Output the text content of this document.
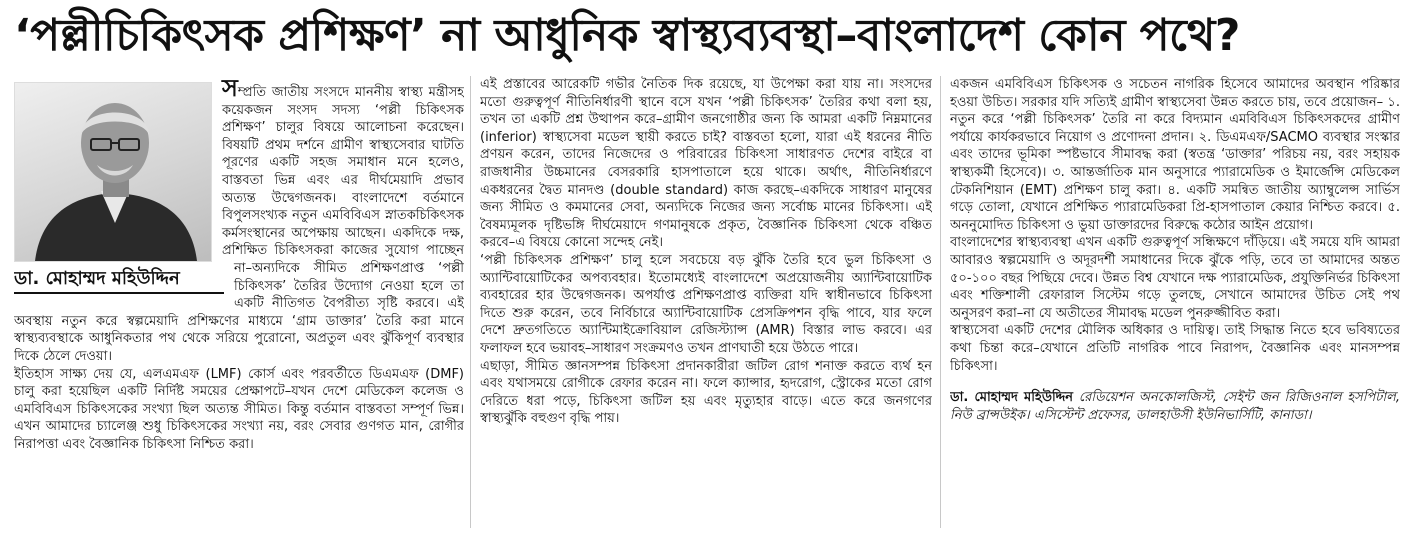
‘পল্লীচিকিৎসক প্রশিক্ষণ’ না আধুনিক স্বাস্থ্যব্যবস্থা–বাংলাদেশ কোন পথে?
ডা. মোহাম্মদ মহিউদ্দিন

সম্প্রতি জাতীয় সংসদে মাননীয় স্বাস্থ্য মন্ত্রীসহ কয়েকজন সংসদ সদস্য ‘পল্লী চিকিৎসক প্রশিক্ষণ’ চালুর বিষয়ে আলোচনা করেছেন। বিষয়টি প্রথম দর্শনে গ্রামীণ স্বাস্থ্যসেবার ঘাটতি পূরণের একটি সহজ সমাধান মনে হলেও, বাস্তবতা ভিন্ন এবং এর দীর্ঘমেয়াদি প্রভাব অত্যন্ত উদ্বেগজনক। বাংলাদেশে বর্তমানে বিপুলসংখ্যক নতুন এমবিবিএস স্নাতকচিকিৎসক কর্মসংস্থানের অপেক্ষায় আছেন। একদিকে দক্ষ, প্রশিক্ষিত চিকিৎসকরা কাজের সুযোগ পাচ্ছেন না–অন্যদিকে সীমিত প্রশিক্ষণপ্রাপ্ত ‘পল্লী চিকিৎসক’ তৈরির উদ্যোগ নেওয়া হলে তা একটি নীতিগত বৈপরীত্য সৃষ্টি করবে। এই অবস্থায় নতুন করে স্বল্পমেয়াদি প্রশিক্ষণের মাধ্যমে ‘গ্রাম ডাক্তার’ তৈরি করা মানে স্বাস্থ্যব্যবস্থাকে আধুনিকতার পথ থেকে সরিয়ে পুরোনো, অপ্রতুল এবং ঝুঁকিপূর্ণ ব্যবস্থার দিকে ঠেলে দেওয়া।

ইতিহাস সাক্ষ্য দেয় যে, এলএমএফ (LMF) কোর্স এবং পরবর্তীতে ডিএমএফ (DMF) চালু করা হয়েছিল একটি নির্দিষ্ট সময়ের প্রেক্ষাপটে–যখন দেশে মেডিকেল কলেজ ও এমবিবিএস চিকিৎসকের সংখ্যা ছিল অত্যন্ত সীমিত। কিন্তু বর্তমান বাস্তবতা সম্পূর্ণ ভিন্ন। এখন আমাদের চ্যালেঞ্জ শুধু চিকিৎসকের সংখ্যা নয়, বরং সেবার গুণগত মান, রোগীর নিরাপত্তা এবং বৈজ্ঞানিক চিকিৎসা নিশ্চিত করা।

এই প্রস্তাবের আরেকটি গভীর নৈতিক দিক রয়েছে, যা উপেক্ষা করা যায় না। সংসদের মতো গুরুত্বপূর্ণ নীতিনির্ধারণী স্থানে বসে যখন ‘পল্লী চিকিৎসক’ তৈরির কথা বলা হয়, তখন তা একটি প্রশ্ন উত্থাপন করে–গ্রামীণ জনগোষ্ঠীর জন্য কি আমরা একটি নিম্নমানের (inferior) স্বাস্থ্যসেবা মডেল স্থায়ী করতে চাই? বাস্তবতা হলো, যারা এই ধরনের নীতি প্রণয়ন করেন, তাদের নিজেদের ও পরিবারের চিকিৎসা সাধারণত দেশের বাইরে বা রাজধানীর উচ্চমানের বেসরকারি হাসপাতালে হয়ে থাকে। অর্থাৎ, নীতিনির্ধারণে একধরনের দ্বৈত মানদণ্ড (double standard) কাজ করছে–একদিকে সাধারণ মানুষের জন্য সীমিত ও কমমানের সেবা, অন্যদিকে নিজের জন্য সর্বোচ্চ মানের চিকিৎসা। এই বৈষম্যমূলক দৃষ্টিভঙ্গি দীর্ঘমেয়াদে গণমানুষকে প্রকৃত, বৈজ্ঞানিক চিকিৎসা থেকে বঞ্চিত করবে–এ বিষয়ে কোনো সন্দেহ নেই।

‘পল্লী চিকিৎসক প্রশিক্ষণ’ চালু হলে সবচেয়ে বড় ঝুঁকি তৈরি হবে ভুল চিকিৎসা ও অ্যান্টিবায়োটিকের অপব্যবহার। ইতোমধ্যেই বাংলাদেশে অপ্রয়োজনীয় অ্যান্টিবায়োটিক ব্যবহারের হার উদ্বেগজনক। অপর্যাপ্ত প্রশিক্ষণপ্রাপ্ত ব্যক্তিরা যদি স্বাধীনভাবে চিকিৎসা দিতে শুরু করেন, তবে নির্বিচারে অ্যান্টিবায়োটিক প্রেসক্রিপশন বৃদ্ধি পাবে, যার ফলে দেশে দ্রুতগতিতে অ্যান্টিমাইক্রোবিয়াল রেজিস্ট্যান্স (AMR) বিস্তার লাভ করবে। এর ফলাফল হবে ভয়াবহ–সাধারণ সংক্রমণও তখন প্রাণঘাতী হয়ে উঠতে পারে।

এছাড়া, সীমিত জ্ঞানসম্পন্ন চিকিৎসা প্রদানকারীরা জটিল রোগ শনাক্ত করতে ব্যর্থ হন এবং যথাসময়ে রোগীকে রেফার করেন না। ফলে ক্যান্সার, হৃদরোগ, স্ট্রোকের মতো রোগ দেরিতে ধরা পড়ে, চিকিৎসা জটিল হয় এবং মৃত্যুহার বাড়ে। এতে করে জনগণের স্বাস্থ্যঝুঁকি বহুগুণ বৃদ্ধি পায়।

একজন এমবিবিএস চিকিৎসক ও সচেতন নাগরিক হিসেবে আমাদের অবস্থান পরিষ্কার হওয়া উচিত। সরকার যদি সত্যিই গ্রামীণ স্বাস্থ্যসেবা উন্নত করতে চায়, তবে প্রয়োজন– ১. নতুন করে ‘পল্লী চিকিৎসক’ তৈরি না করে বিদ্যমান এমবিবিএস চিকিৎসকদের গ্রামীণ পর্যায়ে কার্যকরভাবে নিয়োগ ও প্রণোদনা প্রদান। ২. ডিএমএফ/SACMO ব্যবস্থার সংস্কার এবং তাদের ভূমিকা স্পষ্টভাবে সীমাবদ্ধ করা (স্বতন্ত্র ‘ডাক্তার’ পরিচয় নয়, বরং সহায়ক স্বাস্থ্যকর্মী হিসেবে)। ৩. আন্তর্জাতিক মান অনুসারে প্যারামেডিক ও ইমার্জেন্সি মেডিকেল টেকনিশিয়ান (EMT) প্রশিক্ষণ চালু করা। ৪. একটি সমন্বিত জাতীয় অ্যাম্বুলেন্স সার্ভিস গড়ে তোলা, যেখানে প্রশিক্ষিত প্যারামেডিকরা প্রি-হাসপাতাল কেয়ার নিশ্চিত করবে। ৫. অননুমোদিত চিকিৎসা ও ভুয়া ডাক্তারদের বিরুদ্ধে কঠোর আইন প্রয়োগ।

বাংলাদেশের স্বাস্থ্যব্যবস্থা এখন একটি গুরুত্বপূর্ণ সন্ধিক্ষণে দাঁড়িয়ে। এই সময়ে যদি আমরা আবারও স্বল্পমেয়াদি ও অদূরদর্শী সমাধানের দিকে ঝুঁকে পড়ি, তবে তা আমাদের অন্তত ৫০-১০০ বছর পিছিয়ে দেবে। উন্নত বিশ্ব যেখানে দক্ষ প্যারামেডিক, প্রযুক্তিনির্ভর চিকিৎসা এবং শক্তিশালী রেফারাল সিস্টেম গড়ে তুলছে, সেখানে আমাদের উচিত সেই পথ অনুসরণ করা–না যে অতীতের সীমাবদ্ধ মডেল পুনরুজ্জীবিত করা।

স্বাস্থ্যসেবা একটি দেশের মৌলিক অধিকার ও দায়িত্ব। তাই সিদ্ধান্ত নিতে হবে ভবিষ্যতের কথা চিন্তা করে–যেখানে প্রতিটি নাগরিক পাবে নিরাপদ, বৈজ্ঞানিক এবং মানসম্পন্ন চিকিৎসা।

ডা. মোহাম্মদ মহিউদ্দিন রেডিয়েশন অনকোলজিস্ট, সেইন্ট জন রিজিওনাল হসপিটাল, নিউ ব্রান্সউইক। এসিস্টেন্ট প্রফেসর, ডালহাউসী ইউনিভার্সিটি, কানাডা।
